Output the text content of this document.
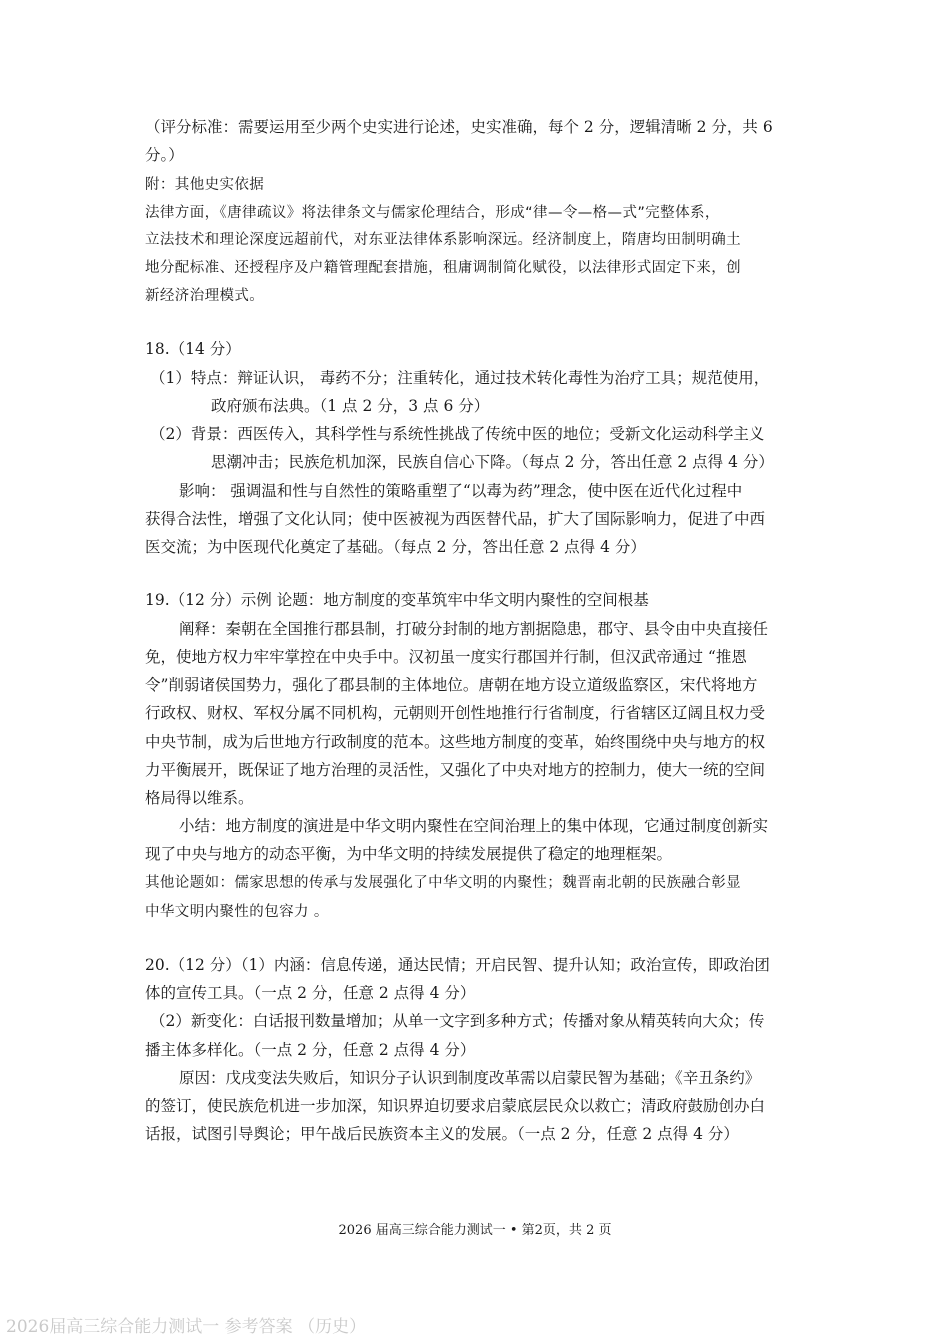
（评分标准：需要运用至少两个史实进行论述，史实准确，每个 2 分，逻辑清晰 2 分，共 6
分。）
附：其他史实依据
法律方面，《唐律疏议》将法律条文与儒家伦理结合，形成“律—令—格—式”完整体系，
立法技术和理论深度远超前代，对东亚法律体系影响深远。经济制度上，隋唐均田制明确土
地分配标准、还授程序及户籍管理配套措施，租庸调制简化赋役，以法律形式固定下来，创
新经济治理模式。
18.（14 分）
（1）特点：辩证认识， 毒药不分；注重转化，通过技术转化毒性为治疗工具；规范使用，
政府颁布法典。（1 点 2 分，3 点 6 分）
（2）背景：西医传入，其科学性与系统性挑战了传统中医的地位；受新文化运动科学主义
思潮冲击；民族危机加深，民族自信心下降。（每点 2 分，答出任意 2 点得 4 分）
影响： 强调温和性与自然性的策略重塑了“以毒为药”理念，使中医在近代化过程中
获得合法性，增强了文化认同；使中医被视为西医替代品，扩大了国际影响力，促进了中西
医交流；为中医现代化奠定了基础。（每点 2 分，答出任意 2 点得 4 分）
19.（12 分）示例 论题：地方制度的变革筑牢中华文明内聚性的空间根基
阐释：秦朝在全国推行郡县制，打破分封制的地方割据隐患，郡守、县令由中央直接任
免，使地方权力牢牢掌控在中央手中。汉初虽一度实行郡国并行制，但汉武帝通过 “推恩
令”削弱诸侯国势力，强化了郡县制的主体地位。唐朝在地方设立道级监察区，宋代将地方
行政权、财权、军权分属不同机构，元朝则开创性地推行行省制度，行省辖区辽阔且权力受
中央节制，成为后世地方行政制度的范本。这些地方制度的变革，始终围绕中央与地方的权
力平衡展开，既保证了地方治理的灵活性，又强化了中央对地方的控制力，使大一统的空间
格局得以维系。
小结：地方制度的演进是中华文明内聚性在空间治理上的集中体现，它通过制度创新实
现了中央与地方的动态平衡，为中华文明的持续发展提供了稳定的地理框架。
其他论题如：儒家思想的传承与发展强化了中华文明的内聚性；魏晋南北朝的民族融合彰显
中华文明内聚性的包容力 。
20.（12 分）（1）内涵：信息传递，通达民情；开启民智、提升认知；政治宣传，即政治团
体的宣传工具。（一点 2 分，任意 2 点得 4 分）
（2）新变化：白话报刊数量增加；从单一文字到多种方式；传播对象从精英转向大众；传
播主体多样化。（一点 2 分，任意 2 点得 4 分）
原因：戊戌变法失败后，知识分子认识到制度改革需以启蒙民智为基础；《辛丑条约》
的签订，使民族危机进一步加深，知识界迫切要求启蒙底层民众以救亡；清政府鼓励创办白
话报，试图引导舆论；甲午战后民族资本主义的发展。（一点 2 分，任意 2 点得 4 分）
2026 届高三综合能力测试一 • 第2页，共 2 页
2026届高三综合能力测试一 参考答案 （历史）
